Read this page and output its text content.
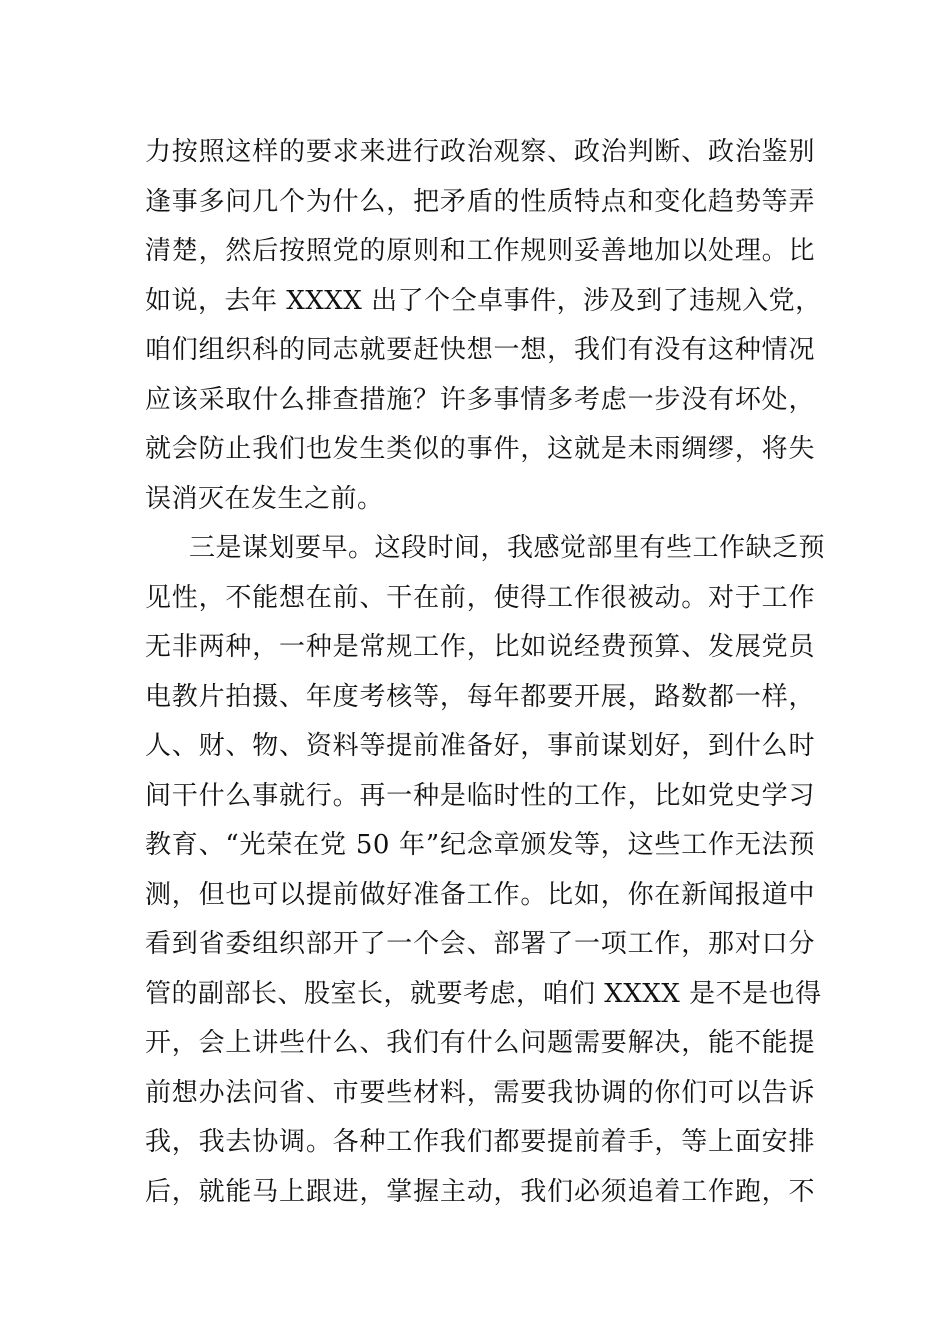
力按照这样的要求来进行政治观察、政治判断、政治鉴别
逢事多问几个为什么，把矛盾的性质特点和变化趋势等弄
清楚，然后按照党的原则和工作规则妥善地加以处理。比
如说，去年 XXXX 出了个仝卓事件，涉及到了违规入党，
咱们组织科的同志就要赶快想一想，我们有没有这种情况
应该采取什么排查措施？许多事情多考虑一步没有坏处，
就会防止我们也发生类似的事件，这就是未雨绸缪，将失
误消灭在发生之前。
三是谋划要早。这段时间，我感觉部里有些工作缺乏预
见性，不能想在前、干在前，使得工作很被动。对于工作
无非两种，一种是常规工作，比如说经费预算、发展党员
电教片拍摄、年度考核等，每年都要开展，路数都一样，
人、财、物、资料等提前准备好，事前谋划好，到什么时
间干什么事就行。再一种是临时性的工作，比如党史学习
教育、“光荣在党 50 年”纪念章颁发等，这些工作无法预
测，但也可以提前做好准备工作。比如，你在新闻报道中
看到省委组织部开了一个会、部署了一项工作，那对口分
管的副部长、股室长，就要考虑，咱们 XXXX 是不是也得
开，会上讲些什么、我们有什么问题需要解决，能不能提
前想办法问省、市要些材料，需要我协调的你们可以告诉
我，我去协调。各种工作我们都要提前着手，等上面安排
后，就能马上跟进，掌握主动，我们必须追着工作跑，不
